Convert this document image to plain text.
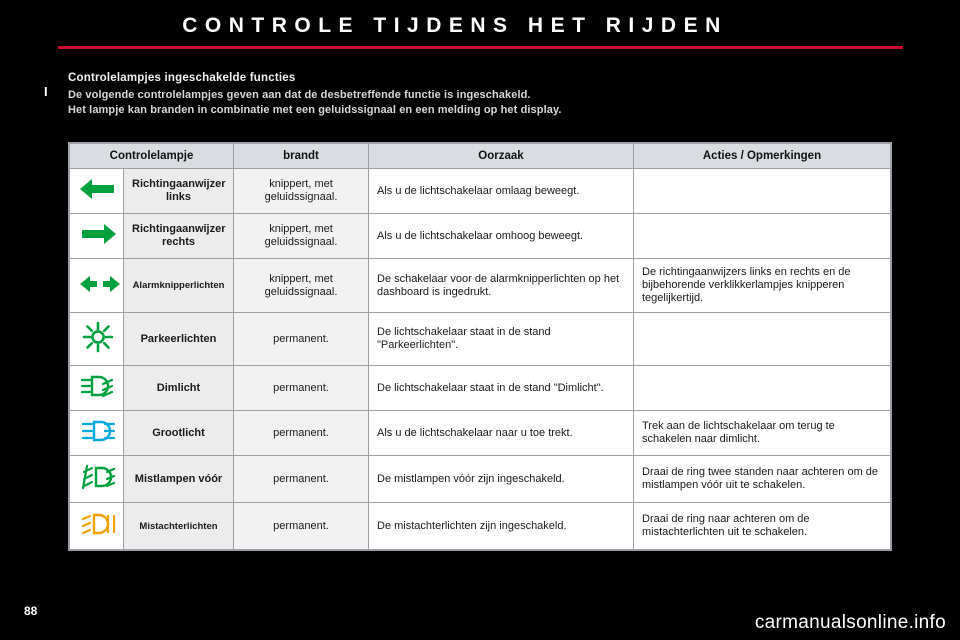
CONTROLE TIJDENS HET RIJDEN
I
Controlelampjes ingeschakelde functies
De volgende controlelampjes geven aan dat de desbetreffende functie is ingeschakeld.
Het lampje kan branden in combinatie met een geluidssignaal en een melding op het display.
Controlelampje		brandt	Oorzaak	Acties / Opmerkingen

	Richtingaanwijzer links	knippert, met geluidssignaal.	Als u de lichtschakelaar omlaag beweegt.	

	Richtingaanwijzer rechts	knippert, met geluidssignaal.	Als u de lichtschakelaar omhoog beweegt.	

	Alarmknipperlichten	knippert, met geluidssignaal.	De schakelaar voor de alarmknipperlichten op het dashboard is ingedrukt.	De richtingaanwijzers links en rechts en de bijbehorende verklikkerlampjes knipperen tegelijkertijd.

	Parkeerlichten	permanent.	De lichtschakelaar staat in de stand "Parkeerlichten".	

	Dimlicht	permanent.	De lichtschakelaar staat in de stand "Dimlicht".	

	Grootlicht	permanent.	Als u de lichtschakelaar naar u toe trekt.	Trek aan de lichtschakelaar om terug te schakelen naar dimlicht.

	Mistlampen vóór	permanent.	De mistlampen vóór zijn ingeschakeld.	Draai de ring twee standen naar achteren om de mistlampen vóór uit te schakelen.

	Mistachterlichten	permanent.	De mistachterlichten zijn ingeschakeld.	Draai de ring naar achteren om de mistachterlichten uit te schakelen.
88
carmanualsonline.info
